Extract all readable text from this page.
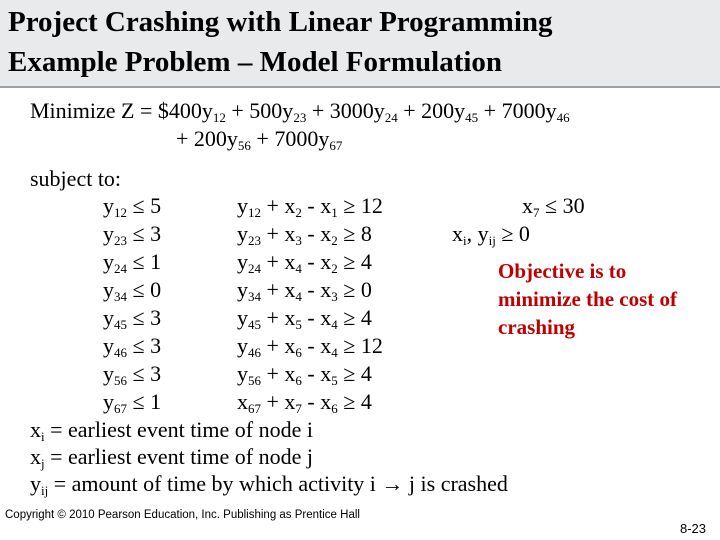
Project Crashing with Linear Programming
Example Problem – Model Formulation
Minimize $Z = \$400y_{12} + 500y_{23} + 3000y_{24} + 200y_{45} + 7000y_{46}$
+ $200y_{56} + 7000y_{67}$
subject to:
$y_{12} \le 5$
$y_{23} \le 3$
$y_{24} \le 1$
$y_{34} \le 0$
$y_{45} \le 3$
$y_{46} \le 3$
$y_{56} \le 3$
$y_{67} \le 1$
$y_{12} + x_2 - x_1 \ge 12$
$y_{23} + x_3 - x_2 \ge 8$
$y_{24} + x_4 - x_2 \ge 4$
$y_{34} + x_4 - x_3 \ge 0$
$y_{45} + x_5 - x_4 \ge 4$
$y_{46} + x_6 - x_4 \ge 12$
$y_{56} + x_6 - x_5 \ge 4$
$x_{67} + x_7 - x_6 \ge 4$
$x_7 \le 30$
$x_i$, $y_{ij} \ge 0$
Objective is to minimize the cost of crashing
$x_i$ = earliest event time of node i
$x_j$ = earliest event time of node j
$y_{ij}$ = amount of time by which activity i → j is crashed
Copyright © 2010 Pearson Education, Inc. Publishing as Prentice Hall
8-23
